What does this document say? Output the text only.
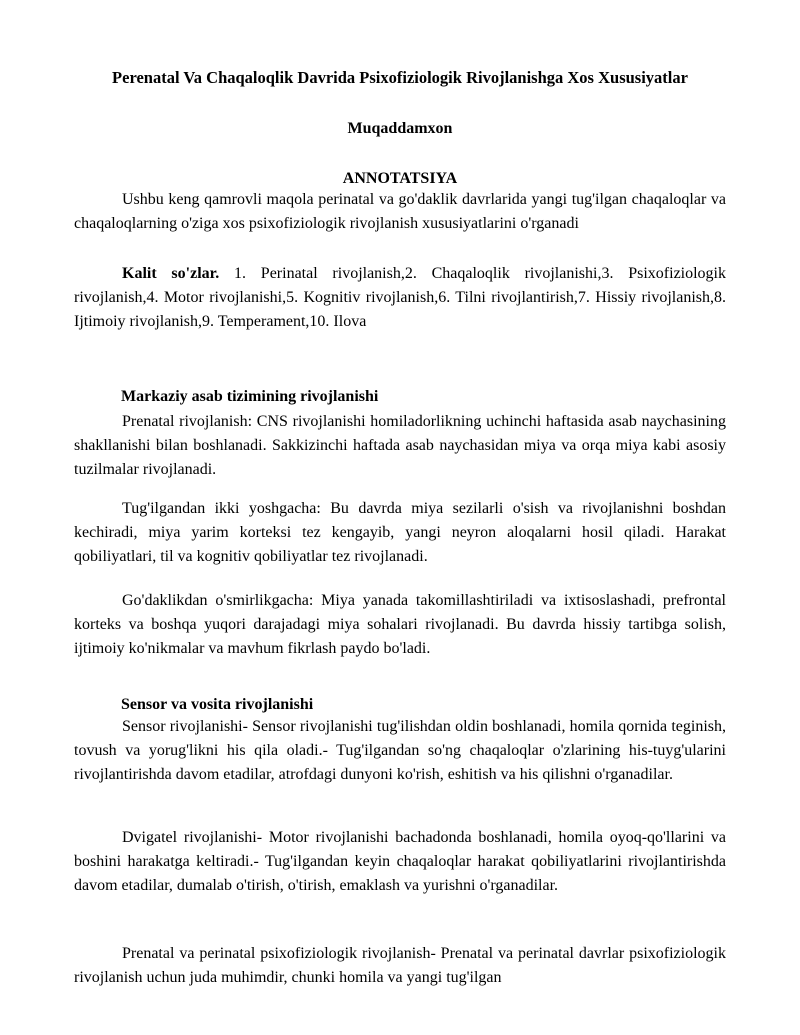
Perenatal Va Chaqaloqlik Davrida Psixofiziologik Rivojlanishga Xos Xususiyatlar
Muqaddamxon
ANNOTATSIYA

Ushbu keng qamrovli maqola perinatal va go'daklik davrlarida yangi tug'ilgan chaqaloqlar va chaqaloqlarning o'ziga xos psixofiziologik rivojlanish xususiyatlarini o'rganadi

Kalit so'zlar. 1. Perinatal rivojlanish,2. Chaqaloqlik rivojlanishi,3. Psixofiziologik rivojlanish,4. Motor rivojlanishi,5. Kognitiv rivojlanish,6. Tilni rivojlantirish,7. Hissiy rivojlanish,8. Ijtimoiy rivojlanish,9. Temperament,10. Ilova

Markaziy asab tizimining rivojlanishi

Prenatal rivojlanish: CNS rivojlanishi homiladorlikning uchinchi haftasida asab naychasining shakllanishi bilan boshlanadi. Sakkizinchi haftada asab naychasidan miya va orqa miya kabi asosiy tuzilmalar rivojlanadi.

Tug'ilgandan ikki yoshgacha: Bu davrda miya sezilarli o'sish va rivojlanishni boshdan kechiradi, miya yarim korteksi tez kengayib, yangi neyron aloqalarni hosil qiladi. Harakat qobiliyatlari, til va kognitiv qobiliyatlar tez rivojlanadi.

Go'daklikdan o'smirlikgacha: Miya yanada takomillashtiriladi va ixtisoslashadi, prefrontal korteks va boshqa yuqori darajadagi miya sohalari rivojlanadi. Bu davrda hissiy tartibga solish, ijtimoiy ko'nikmalar va mavhum fikrlash paydo bo'ladi.

Sensor va vosita rivojlanishi

Sensor rivojlanishi- Sensor rivojlanishi tug'ilishdan oldin boshlanadi, homila qornida teginish, tovush va yorug'likni his qila oladi.- Tug'ilgandan so'ng chaqaloqlar o'zlarining his-tuyg'ularini rivojlantirishda davom etadilar, atrofdagi dunyoni ko'rish, eshitish va his qilishni o'rganadilar.

Dvigatel rivojlanishi- Motor rivojlanishi bachadonda boshlanadi, homila oyoq-qo'llarini va boshini harakatga keltiradi.- Tug'ilgandan keyin chaqaloqlar harakat qobiliyatlarini rivojlantirishda davom etadilar, dumalab o'tirish, o'tirish, emaklash va yurishni o'rganadilar.

Prenatal va perinatal psixofiziologik rivojlanish- Prenatal va perinatal davrlar psixofiziologik rivojlanish uchun juda muhimdir, chunki homila va yangi tug'ilgan
